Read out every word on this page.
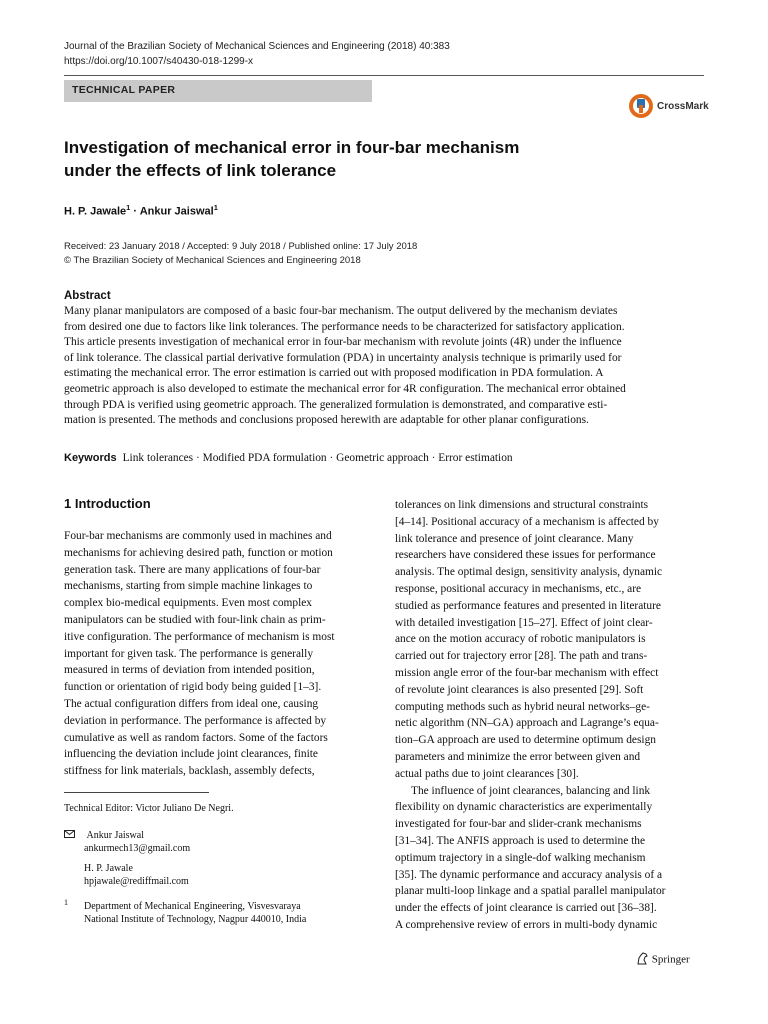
Journal of the Brazilian Society of Mechanical Sciences and Engineering (2018) 40:383
https://doi.org/10.1007/s40430-018-1299-x
TECHNICAL PAPER
CrossMark
Investigation of mechanical error in four-bar mechanism
under the effects of link tolerance
H. P. Jawale$^1$ · Ankur Jaiswal$^1$
Received: 23 January 2018 / Accepted: 9 July 2018 / Published online: 17 July 2018
© The Brazilian Society of Mechanical Sciences and Engineering 2018
Abstract
Many planar manipulators are composed of a basic four-bar mechanism. The output delivered by the mechanism deviates
from desired one due to factors like link tolerances. The performance needs to be characterized for satisfactory application.
This article presents investigation of mechanical error in four-bar mechanism with revolute joints (4R) under the influence
of link tolerance. The classical partial derivative formulation (PDA) in uncertainty analysis technique is primarily used for
estimating the mechanical error. The error estimation is carried out with proposed modification in PDA formulation. A
geometric approach is also developed to estimate the mechanical error for 4R configuration. The mechanical error obtained
through PDA is verified using geometric approach. The generalized formulation is demonstrated, and comparative esti-
mation is presented. The methods and conclusions proposed herewith are adaptable for other planar configurations.
Keywords Link tolerances · Modified PDA formulation · Geometric approach · Error estimation
1 Introduction
Four-bar mechanisms are commonly used in machines and
mechanisms for achieving desired path, function or motion
generation task. There are many applications of four-bar
mechanisms, starting from simple machine linkages to
complex bio-medical equipments. Even most complex
manipulators can be studied with four-link chain as prim-
itive configuration. The performance of mechanism is most
important for given task. The performance is generally
measured in terms of deviation from intended position,
function or orientation of rigid body being guided [1–3].
The actual configuration differs from ideal one, causing
deviation in performance. The performance is affected by
cumulative as well as random factors. Some of the factors
influencing the deviation include joint clearances, finite
stiffness for link materials, backlash, assembly defects,
tolerances on link dimensions and structural constraints
[4–14]. Positional accuracy of a mechanism is affected by
link tolerance and presence of joint clearance. Many
researchers have considered these issues for performance
analysis. The optimal design, sensitivity analysis, dynamic
response, positional accuracy in mechanisms, etc., are
studied as performance features and presented in literature
with detailed investigation [15–27]. Effect of joint clear-
ance on the motion accuracy of robotic manipulators is
carried out for trajectory error [28]. The path and trans-
mission angle error of the four-bar mechanism with effect
of revolute joint clearances is also presented [29]. Soft
computing methods such as hybrid neural networks–ge-
netic algorithm (NN–GA) approach and Lagrange’s equa-
tion–GA approach are used to determine optimum design
parameters and minimize the error between given and
actual paths due to joint clearances [30].
The influence of joint clearances, balancing and link
flexibility on dynamic characteristics are experimentally
investigated for four-bar and slider-crank mechanisms
[31–34]. The ANFIS approach is used to determine the
optimum trajectory in a single-dof walking mechanism
[35]. The dynamic performance and accuracy analysis of a
planar multi-loop linkage and a spatial parallel manipulator
under the effects of joint clearance is carried out [36–38].
A comprehensive review of errors in multi-body dynamic
Technical Editor: Victor Juliano De Negri.
Ankur Jaiswal
ankurmech13@gmail.com
H. P. Jawale
hpjawale@rediffmail.com
1 Department of Mechanical Engineering, Visvesvaraya
National Institute of Technology, Nagpur 440010, India
Springer
